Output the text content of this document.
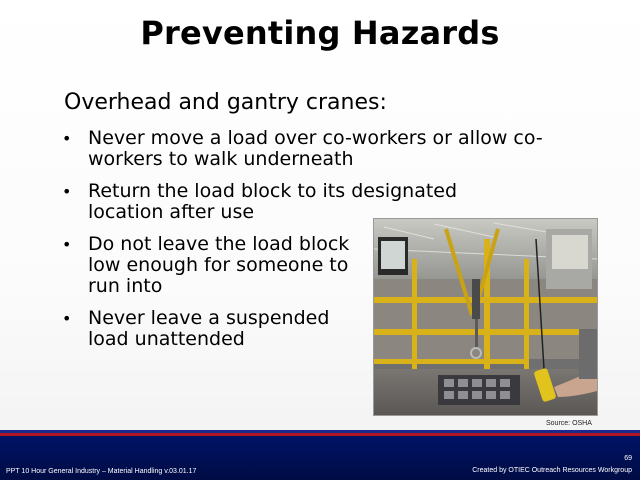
Preventing Hazards
Overhead and gantry cranes:
• Never move a load over co-workers or allow co-workers to walk underneath
• Return the load block to its designated location after use
• Do not leave the load block low enough for someone to run into
• Never leave a suspended load unattended
Source: OSHA
PPT 10 Hour General Industry – Material Handling v.03.01.17
69
Created by OTIEC Outreach Resources Workgroup
